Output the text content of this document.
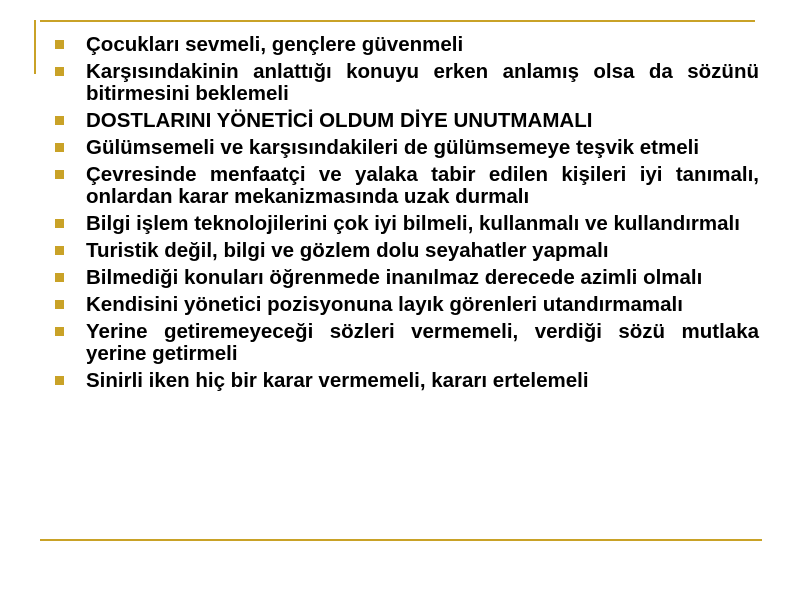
Çocukları sevmeli, gençlere güvenmeli
Karşısındakinin anlattığı konuyu erken anlamış olsa da sözünü bitirmesini beklemeli
DOSTLARINI YÖNETİCİ OLDUM DİYE UNUTMAMALI
Gülümsemeli ve karşısındakileri de gülümsemeye teşvik etmeli
Çevresinde menfaatçi ve yalaka tabir edilen kişileri iyi tanımalı, onlardan karar mekanizmasında uzak durmalı
Bilgi işlem teknolojilerini çok iyi bilmeli, kullanmalı ve kullandırmalı
Turistik değil, bilgi ve gözlem dolu seyahatler yapmalı
Bilmediği konuları öğrenmede inanılmaz derecede azimli olmalı
Kendisini yönetici pozisyonuna layık görenleri utandırmamalı
Yerine getiremeyeceği sözleri vermemeli, verdiği sözü mutlaka yerine getirmeli
Sinirli iken hiç bir karar vermemeli, kararı ertelemeli
